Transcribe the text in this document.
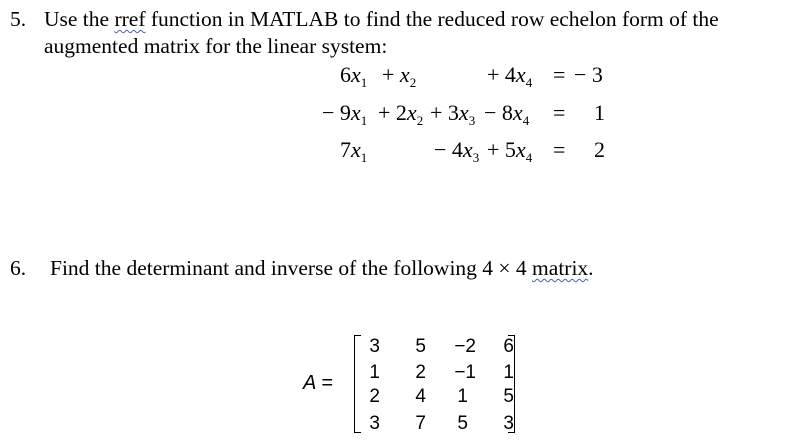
5. Use the rref function in MATLAB to find the reduced row echelon form of the
augmented matrix for the linear system:
$6x_1 + x_2$	+ $4x_4$ = − 3
− $9x_1 + 2x_2 + 3x_3 - 8x_4 = 1$
$7x_1$	− $4x_3 + 5x_4 = 2$
6. Find the determinant and inverse of the following 4 × 4 matrix.
A =
3	5	−2	6
1	2	−1	1
2	4	1	5
3	7	5	3
